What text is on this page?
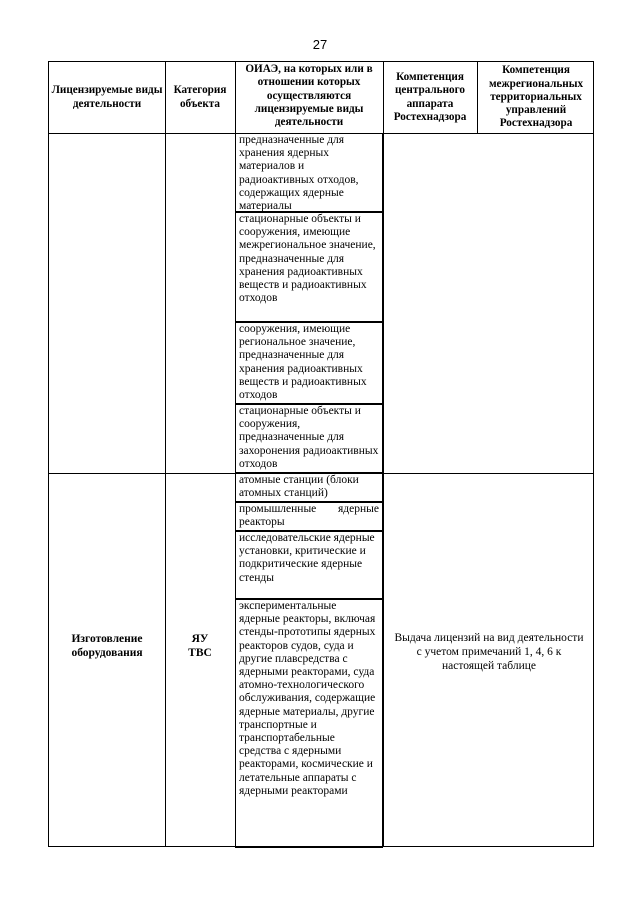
27
Лицензируемые виды деятельности
Категория объекта
ОИАЭ, на которых или в отношении которых осуществляются лицензируемые виды деятельности
Компетенция центрального аппарата Ростехнадзора
Компетенция межрегиональных территориальных управлений Ростехнадзора
предназначенные для хранения ядерных материалов и радиоактивных отходов, содержащих ядерные материалы
стационарные объекты и сооружения, имеющие межрегиональное значение, предназначенные для хранения радиоактивных веществ и радиоактивных отходов
сооружения, имеющие региональное значение, предназначенные для хранения радиоактивных веществ и радиоактивных отходов
стационарные объекты и сооружения, предназначенные для захоронения радиоактивных отходов
Изготовление оборудования
ЯУ
ТВС
атомные станции (блоки атомных станций)
промышленные ядерные реакторы
исследовательские ядерные установки, критические и подкритические ядерные стенды
экспериментальные ядерные реакторы, включая стенды-прототипы ядерных реакторов судов, суда и другие плавсредства с ядерными реакторами, суда атомно-технологического обслуживания, содержащие ядерные материалы, другие транспортные и транспортабельные средства с ядерными реакторами, космические и летательные аппараты с ядерными реакторами
Выдача лицензий на вид деятельности с учетом примечаний 1, 4, 6 к настоящей таблице
